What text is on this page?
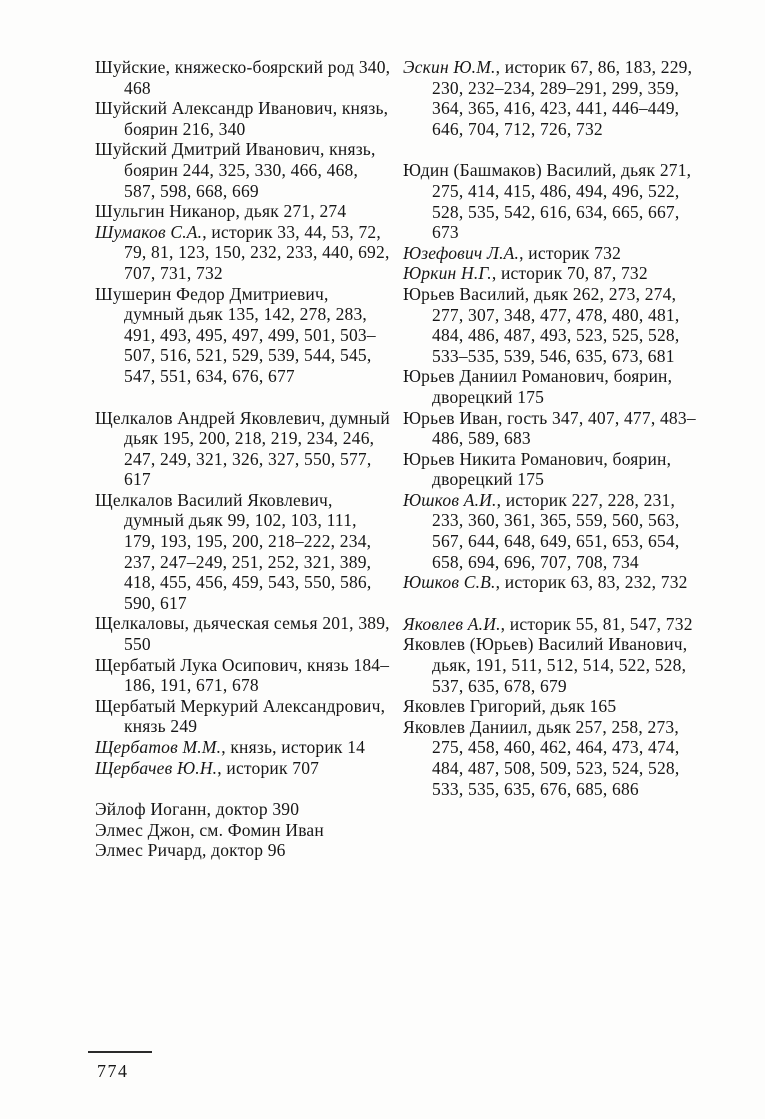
Шуйские, княжеско-боярский род 340, 468

Шуйский Александр Иванович, князь, боярин 216, 340

Шуйский Дмитрий Иванович, князь, боярин 244, 325, 330, 466, 468, 587, 598, 668, 669

Шульгин Никанор, дьяк 271, 274

Шумаков С.А., историк 33, 44, 53, 72, 79, 81, 123, 150, 232, 233, 440, 692, 707, 731, 732

Шушерин Федор Дмитриевич, думный дьяк 135, 142, 278, 283, 491, 493, 495, 497, 499, 501, 503–507, 516, 521, 529, 539, 544, 545, 547, 551, 634, 676, 677

Щелкалов Андрей Яковлевич, думный дьяк 195, 200, 218, 219, 234, 246, 247, 249, 321, 326, 327, 550, 577, 617

Щелкалов Василий Яковлевич, думный дьяк 99, 102, 103, 111, 179, 193, 195, 200, 218–222, 234, 237, 247–249, 251, 252, 321, 389, 418, 455, 456, 459, 543, 550, 586, 590, 617

Щелкаловы, дьяческая семья 201, 389, 550

Щербатый Лука Осипович, князь 184–186, 191, 671, 678

Щербатый Меркурий Александрович, князь 249

Щербатов М.М., князь, историк 14

Щербачев Ю.Н., историк 707

Эйлоф Иоганн, доктор 390

Элмес Джон, см. Фомин Иван

Элмес Ричард, доктор 96

Эскин Ю.М., историк 67, 86, 183, 229, 230, 232–234, 289–291, 299, 359, 364, 365, 416, 423, 441, 446–449, 646, 704, 712, 726, 732

Юдин (Башмаков) Василий, дьяк 271, 275, 414, 415, 486, 494, 496, 522, 528, 535, 542, 616, 634, 665, 667, 673

Юзефович Л.А., историк 732

Юркин Н.Г., историк 70, 87, 732

Юрьев Василий, дьяк 262, 273, 274, 277, 307, 348, 477, 478, 480, 481, 484, 486, 487, 493, 523, 525, 528, 533–535, 539, 546, 635, 673, 681

Юрьев Даниил Романович, боярин, дворецкий 175

Юрьев Иван, гость 347, 407, 477, 483–486, 589, 683

Юрьев Никита Романович, боярин, дворецкий 175

Юшков А.И., историк 227, 228, 231, 233, 360, 361, 365, 559, 560, 563, 567, 644, 648, 649, 651, 653, 654, 658, 694, 696, 707, 708, 734

Юшков С.В., историк 63, 83, 232, 732

Яковлев А.И., историк 55, 81, 547, 732

Яковлев (Юрьев) Василий Иванович, дьяк, 191, 511, 512, 514, 522, 528, 537, 635, 678, 679

Яковлев Григорий, дьяк 165

Яковлев Даниил, дьяк 257, 258, 273, 275, 458, 460, 462, 464, 473, 474, 484, 487, 508, 509, 523, 524, 528, 533, 535, 635, 676, 685, 686

774
